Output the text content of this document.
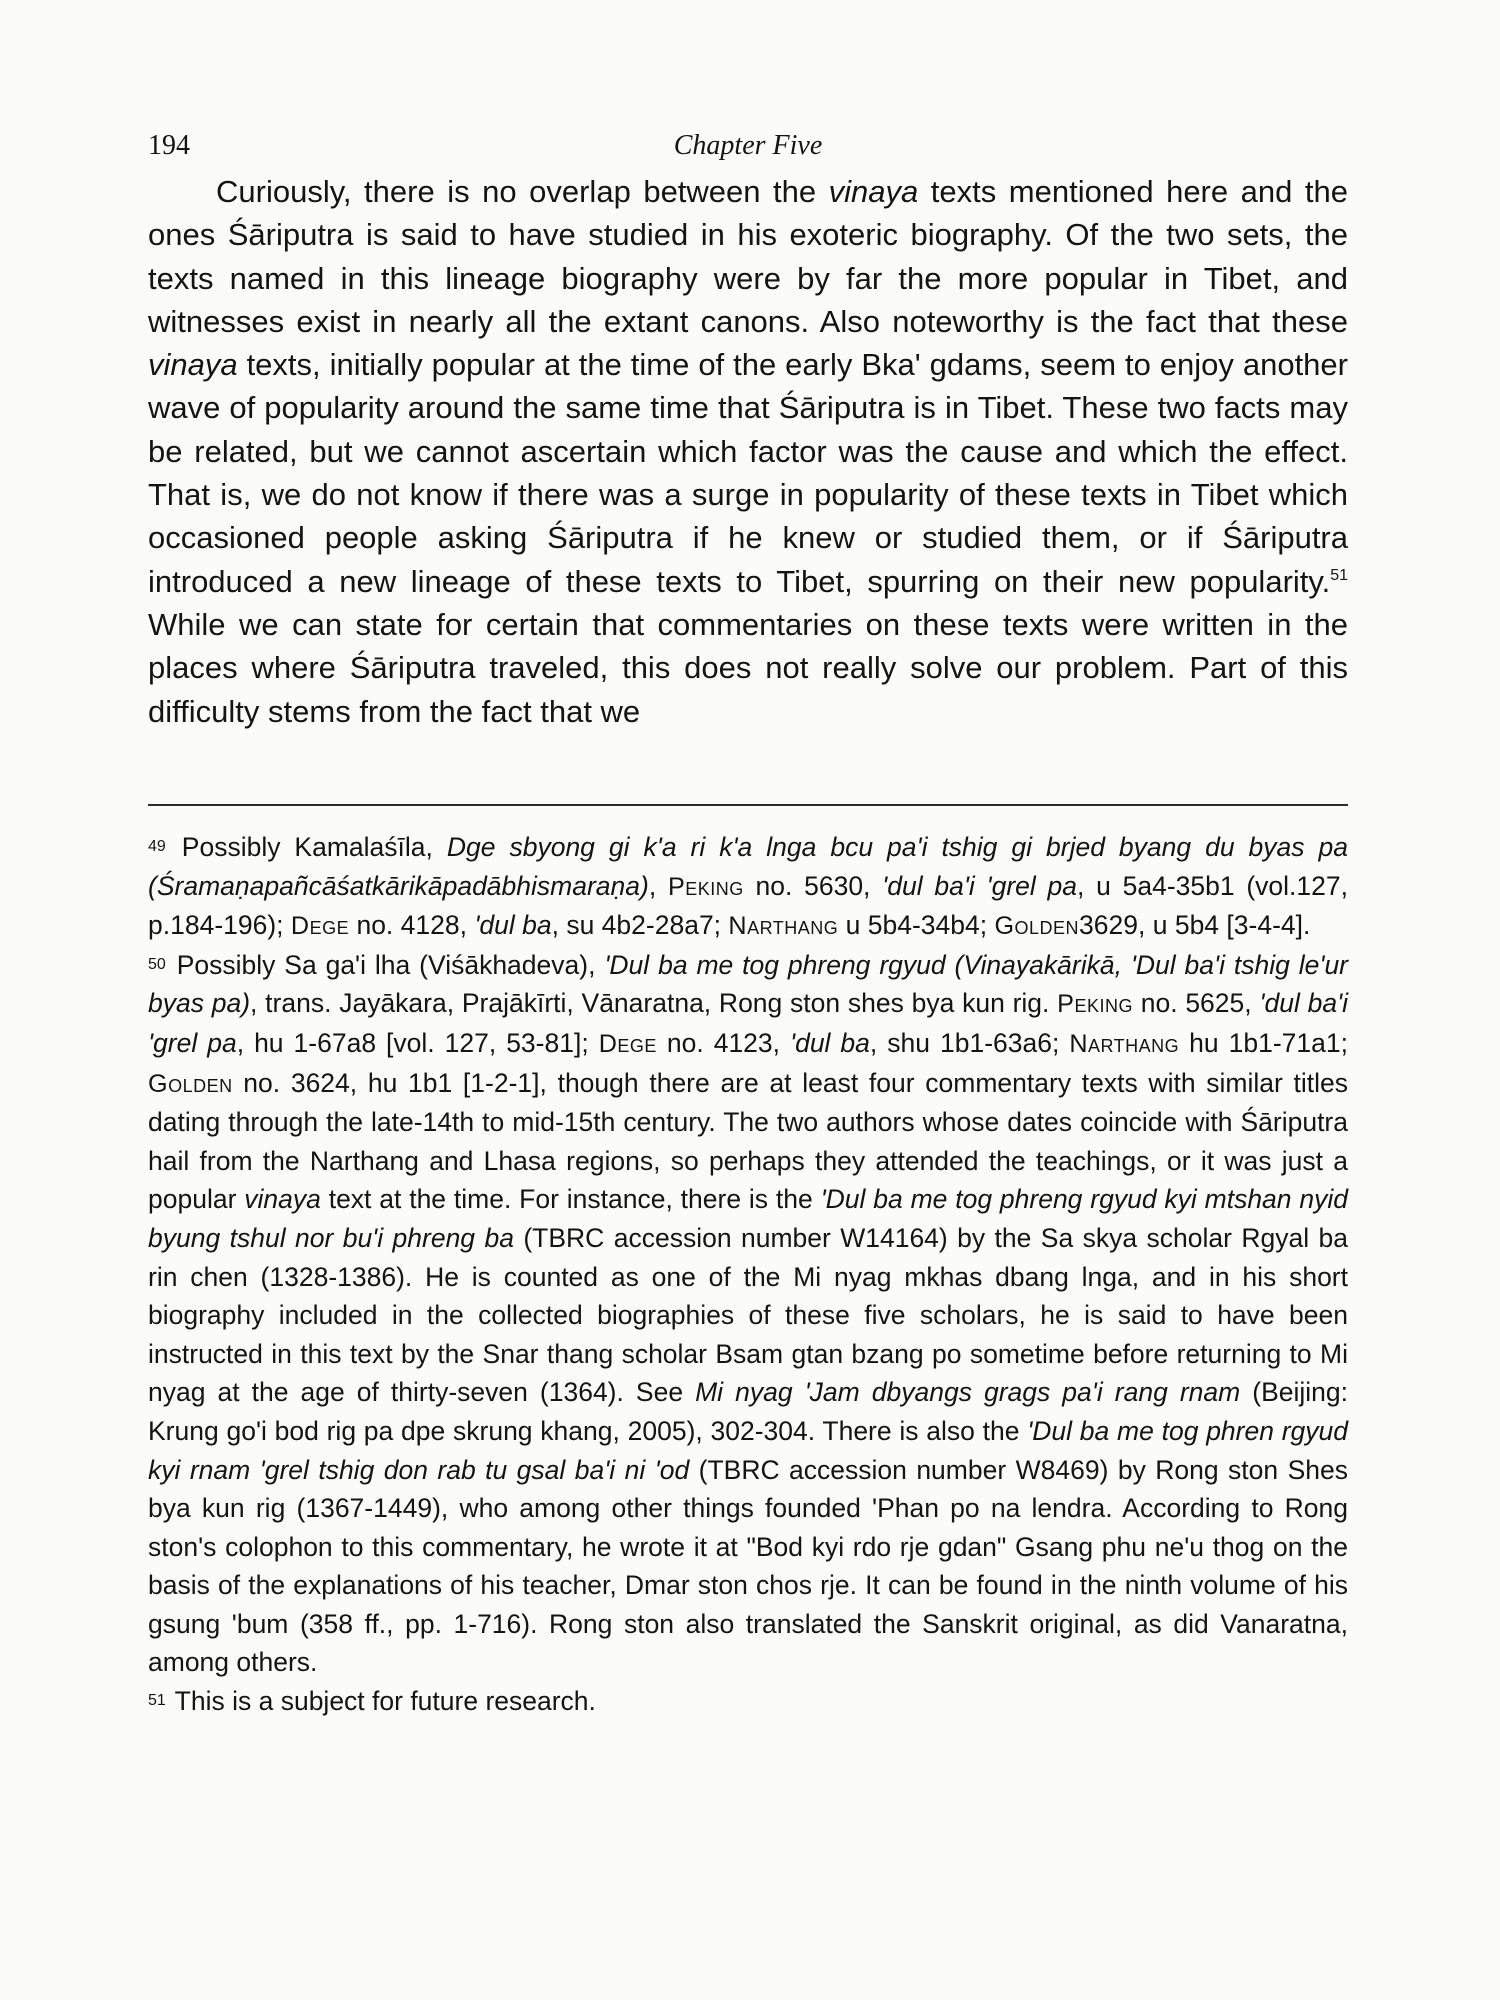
194	Chapter Five

Curiously, there is no overlap between the vinaya texts mentioned here and the ones Śāriputra is said to have studied in his exoteric biography. Of the two sets, the texts named in this lineage biography were by far the more popular in Tibet, and witnesses exist in nearly all the extant canons. Also noteworthy is the fact that these vinaya texts, initially popular at the time of the early Bka' gdams, seem to enjoy another wave of popularity around the same time that Śāriputra is in Tibet. These two facts may be related, but we cannot ascertain which factor was the cause and which the effect. That is, we do not know if there was a surge in popularity of these texts in Tibet which occasioned people asking Śāriputra if he knew or studied them, or if Śāriputra introduced a new lineage of these texts to Tibet, spurring on their new popularity.$^{51}$ While we can state for certain that commentaries on these texts were written in the places where Śāriputra traveled, this does not really solve our problem. Part of this difficulty stems from the fact that we

49 Possibly Kamalaśīla, Dge sbyong gi k'a ri k'a lnga bcu pa'i tshig gi brjed byang du byas pa (Śramaṇapañcāśatkārikāpadābhismaraṇa), Peking no. 5630, 'dul ba'i 'grel pa, u 5a4-35b1 (vol.127, p.184-196); Dege no. 4128, 'dul ba, su 4b2-28a7; Narthang u 5b4-34b4; Golden3629, u 5b4 [3-4-4].

50 Possibly Sa ga'i lha (Viśākhadeva), 'Dul ba me tog phreng rgyud (Vinayakārikā, 'Dul ba'i tshig le'ur byas pa), trans. Jayākara, Prajākīrti, Vānaratna, Rong ston shes bya kun rig. Peking no. 5625, 'dul ba'i 'grel pa, hu 1-67a8 [vol. 127, 53-81]; Dege no. 4123, 'dul ba, shu 1b1-63a6; Narthang hu 1b1-71a1; Golden no. 3624, hu 1b1 [1-2-1], though there are at least four commentary texts with similar titles dating through the late-14th to mid-15th century. The two authors whose dates coincide with Śāriputra hail from the Narthang and Lhasa regions, so perhaps they attended the teachings, or it was just a popular vinaya text at the time. For instance, there is the 'Dul ba me tog phreng rgyud kyi mtshan nyid byung tshul nor bu'i phreng ba (TBRC accession number W14164) by the Sa skya scholar Rgyal ba rin chen (1328-1386). He is counted as one of the Mi nyag mkhas dbang lnga, and in his short biography included in the collected biographies of these five scholars, he is said to have been instructed in this text by the Snar thang scholar Bsam gtan bzang po sometime before returning to Mi nyag at the age of thirty-seven (1364). See Mi nyag 'Jam dbyangs grags pa'i rang rnam (Beijing: Krung go'i bod rig pa dpe skrung khang, 2005), 302-304. There is also the 'Dul ba me tog phren rgyud kyi rnam 'grel tshig don rab tu gsal ba'i ni 'od (TBRC accession number W8469) by Rong ston Shes bya kun rig (1367-1449), who among other things founded 'Phan po na lendra. According to Rong ston's colophon to this commentary, he wrote it at "Bod kyi rdo rje gdan" Gsang phu ne'u thog on the basis of the explanations of his teacher, Dmar ston chos rje. It can be found in the ninth volume of his gsung 'bum (358 ff., pp. 1-716). Rong ston also translated the Sanskrit original, as did Vanaratna, among others.

51 This is a subject for future research.
